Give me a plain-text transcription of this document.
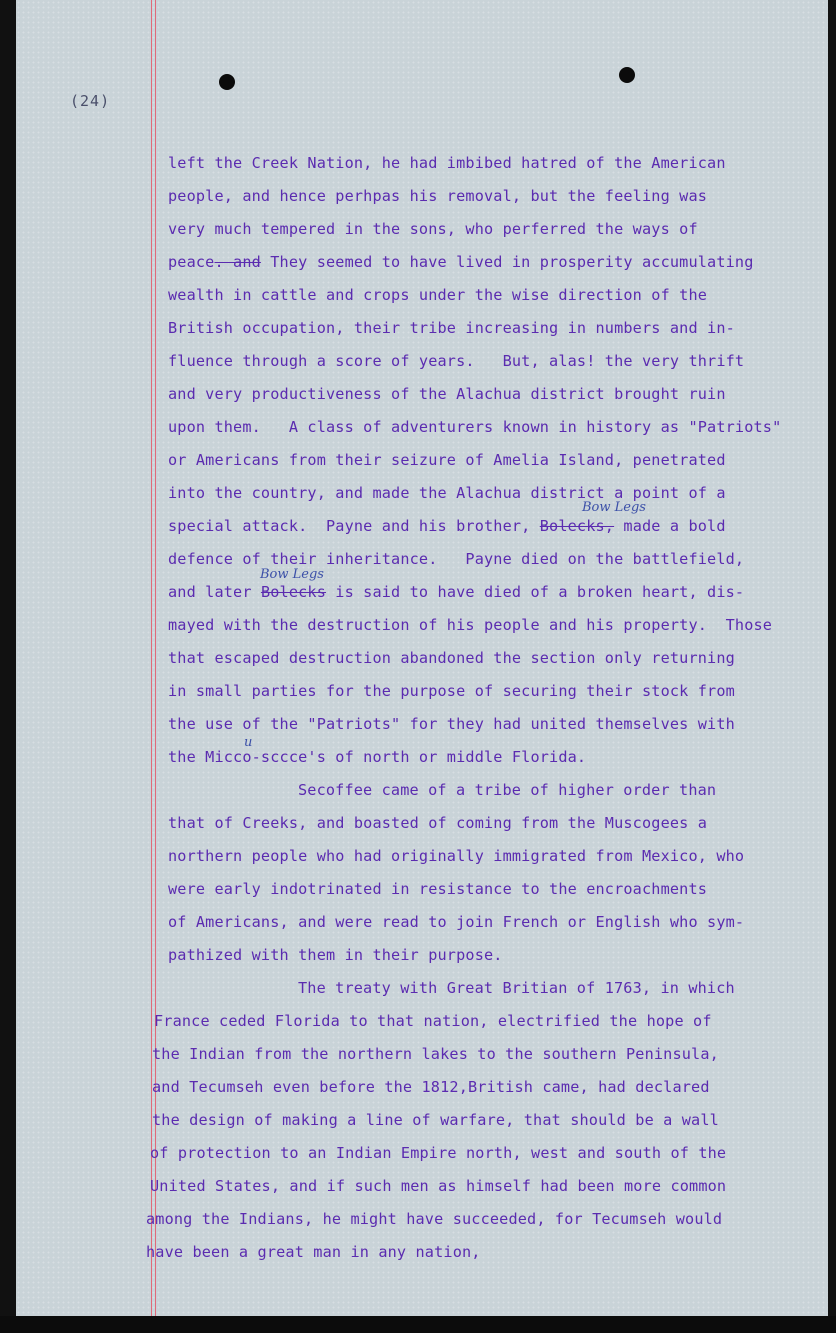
(24)
left the Creek Nation, he had imbibed hatred of the American
people, and hence perhpas his removal, but the feeling was
very much tempered in the sons, who perferred the ways of
peace. and They seemed to have lived in prosperity accumulating
wealth in cattle and crops under the wise direction of the
British occupation, their tribe increasing in numbers and in-
fluence through a score of years.   But, alas! the very thrift
and very productiveness of the Alachua district brought ruin
upon them.   A class of adventurers known in history as "Patriots"
or Americans from their seizure of Amelia Island, penetrated
into the country, and made the Alachua district a point of a
special attack.  Payne and his brother, Bolecks, made a bold
defence of their inheritance.   Payne died on the battlefield,
and later Bolecks is said to have died of a broken heart, dis-
mayed with the destruction of his people and his property.  Those
that escaped destruction abandoned the section only returning
in small parties for the purpose of securing their stock from
the use of the "Patriots" for they had united themselves with
the Micco-sccce's of north or middle Florida.
Secoffee came of a tribe of higher order than
that of Creeks, and boasted of coming from the Muscogees a
northern people who had originally immigrated from Mexico, who
were early indotrinated in resistance to the encroachments
of Americans, and were read to join French or English who sym-
pathized with them in their purpose.
The treaty with Great Britian of 1763, in which
France ceded Florida to that nation, electrified the hope of
the Indian from the northern lakes to the southern Peninsula,
and Tecumseh even before the 1812,British came, had declared
the design of making a line of warfare, that should be a wall
of protection to an Indian Empire north, west and south of the
United States, and if such men as himself had been more common
among the Indians, he might have succeeded, for Tecumseh would
have been a great man in any nation,
Bow Legs
Bow Legs
u
